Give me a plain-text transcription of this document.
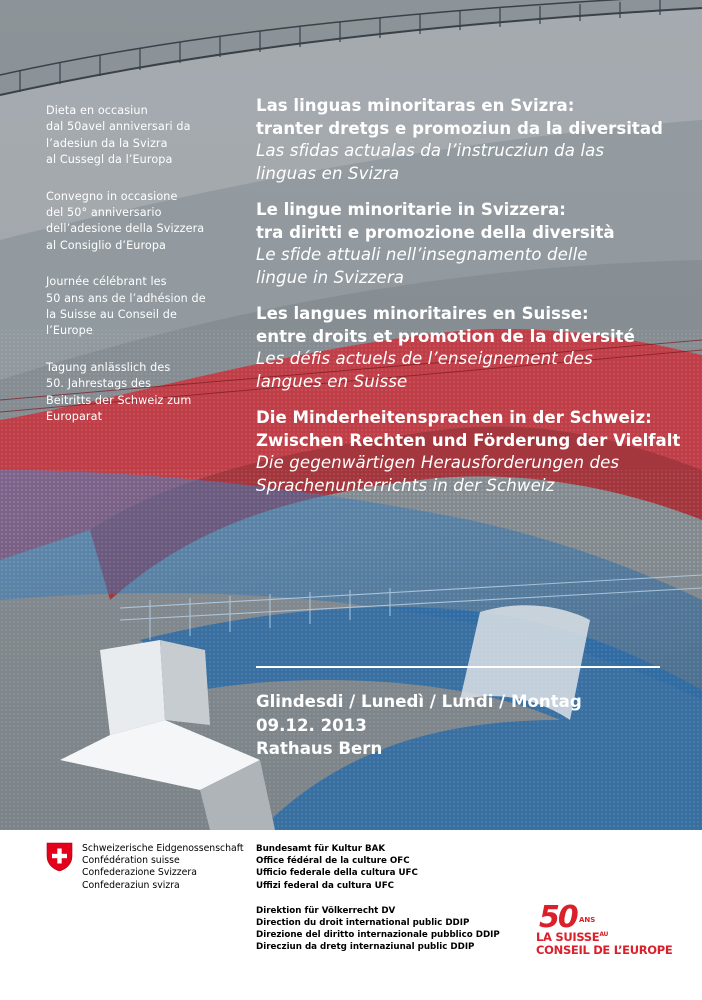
Dieta en occasiun
dal 50avel anniversari da
l’adesiun da la Svizra
al Cussegl da l’Europa

Convegno in occasione
del 50° anniversario
dell’adesione della Svizzera
al Consiglio d’Europa

Journée célébrant les
50 ans ans de l’adhésion de
la Suisse au Conseil de
l’Europe

Tagung anlässlich des
50. Jahrestags des
Beitritts der Schweiz zum
Europarat

Las linguas minoritaras en Svizra:
tranter dretgs e promoziun da la diversitad
Las sfidas actualas da l’instrucziun da las
linguas en Svizra
Le lingue minoritarie in Svizzera:
tra diritti e promozione della diversità
Le sfide attuali nell’insegnamento delle
lingue in Svizzera
Les langues minoritaires en Suisse:
entre droits et promotion de la diversité
Les défis actuels de l’enseignement des
langues en Suisse
Die Minderheitensprachen in der Schweiz:
Zwischen Rechten und Förderung der Vielfalt
Die gegenwärtigen Herausforderungen des
Sprachenunterrichts in der Schweiz
Glindesdi / Lunedì / Lundi / Montag
09.12. 2013
Rathaus Bern
Schweizerische Eidgenossenschaft
Confédération suisse
Confederazione Svizzera
Confederaziun svizra
Bundesamt für Kultur BAK
Office fédéral de la culture OFC
Ufficio federale della cultura UFC
Uffizi federal da cultura UFC
Direktion für Völkerrecht DV
Direction du droit international public DDIP
Direzione del diritto internazionale pubblico DDIP
Direcziun da dretg internaziunal public DDIP
50 ANS
LA $SUISSE^{AU}$
CONSEIL DE L’EUROPE
